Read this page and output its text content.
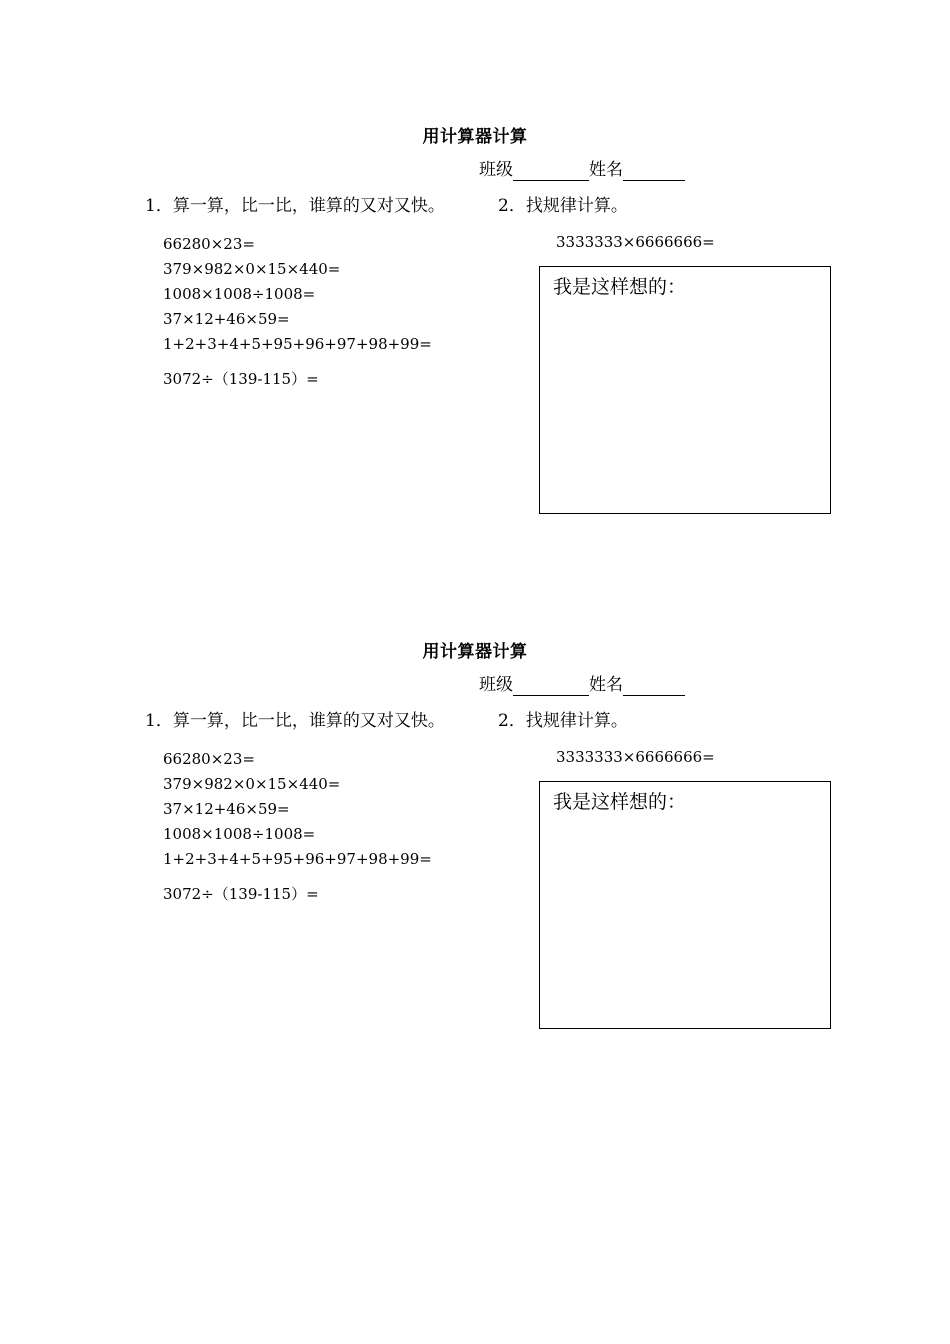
用计算器计算
班级	姓名
1．算一算，比一比，谁算的又对又快。	2．找规律计算。
66280×23=
379×982×0×15×440=
1008×1008÷1008=
37×12+46×59=
1+2+3+4+5+95+96+97+98+99=
3072÷（139-115）=
3333333×6666666=
我是这样想的：
用计算器计算
班级	姓名
1．算一算，比一比，谁算的又对又快。	2．找规律计算。
66280×23=
379×982×0×15×440=
37×12+46×59=
1008×1008÷1008=
1+2+3+4+5+95+96+97+98+99=
3072÷（139-115）=
3333333×6666666=
我是这样想的：
